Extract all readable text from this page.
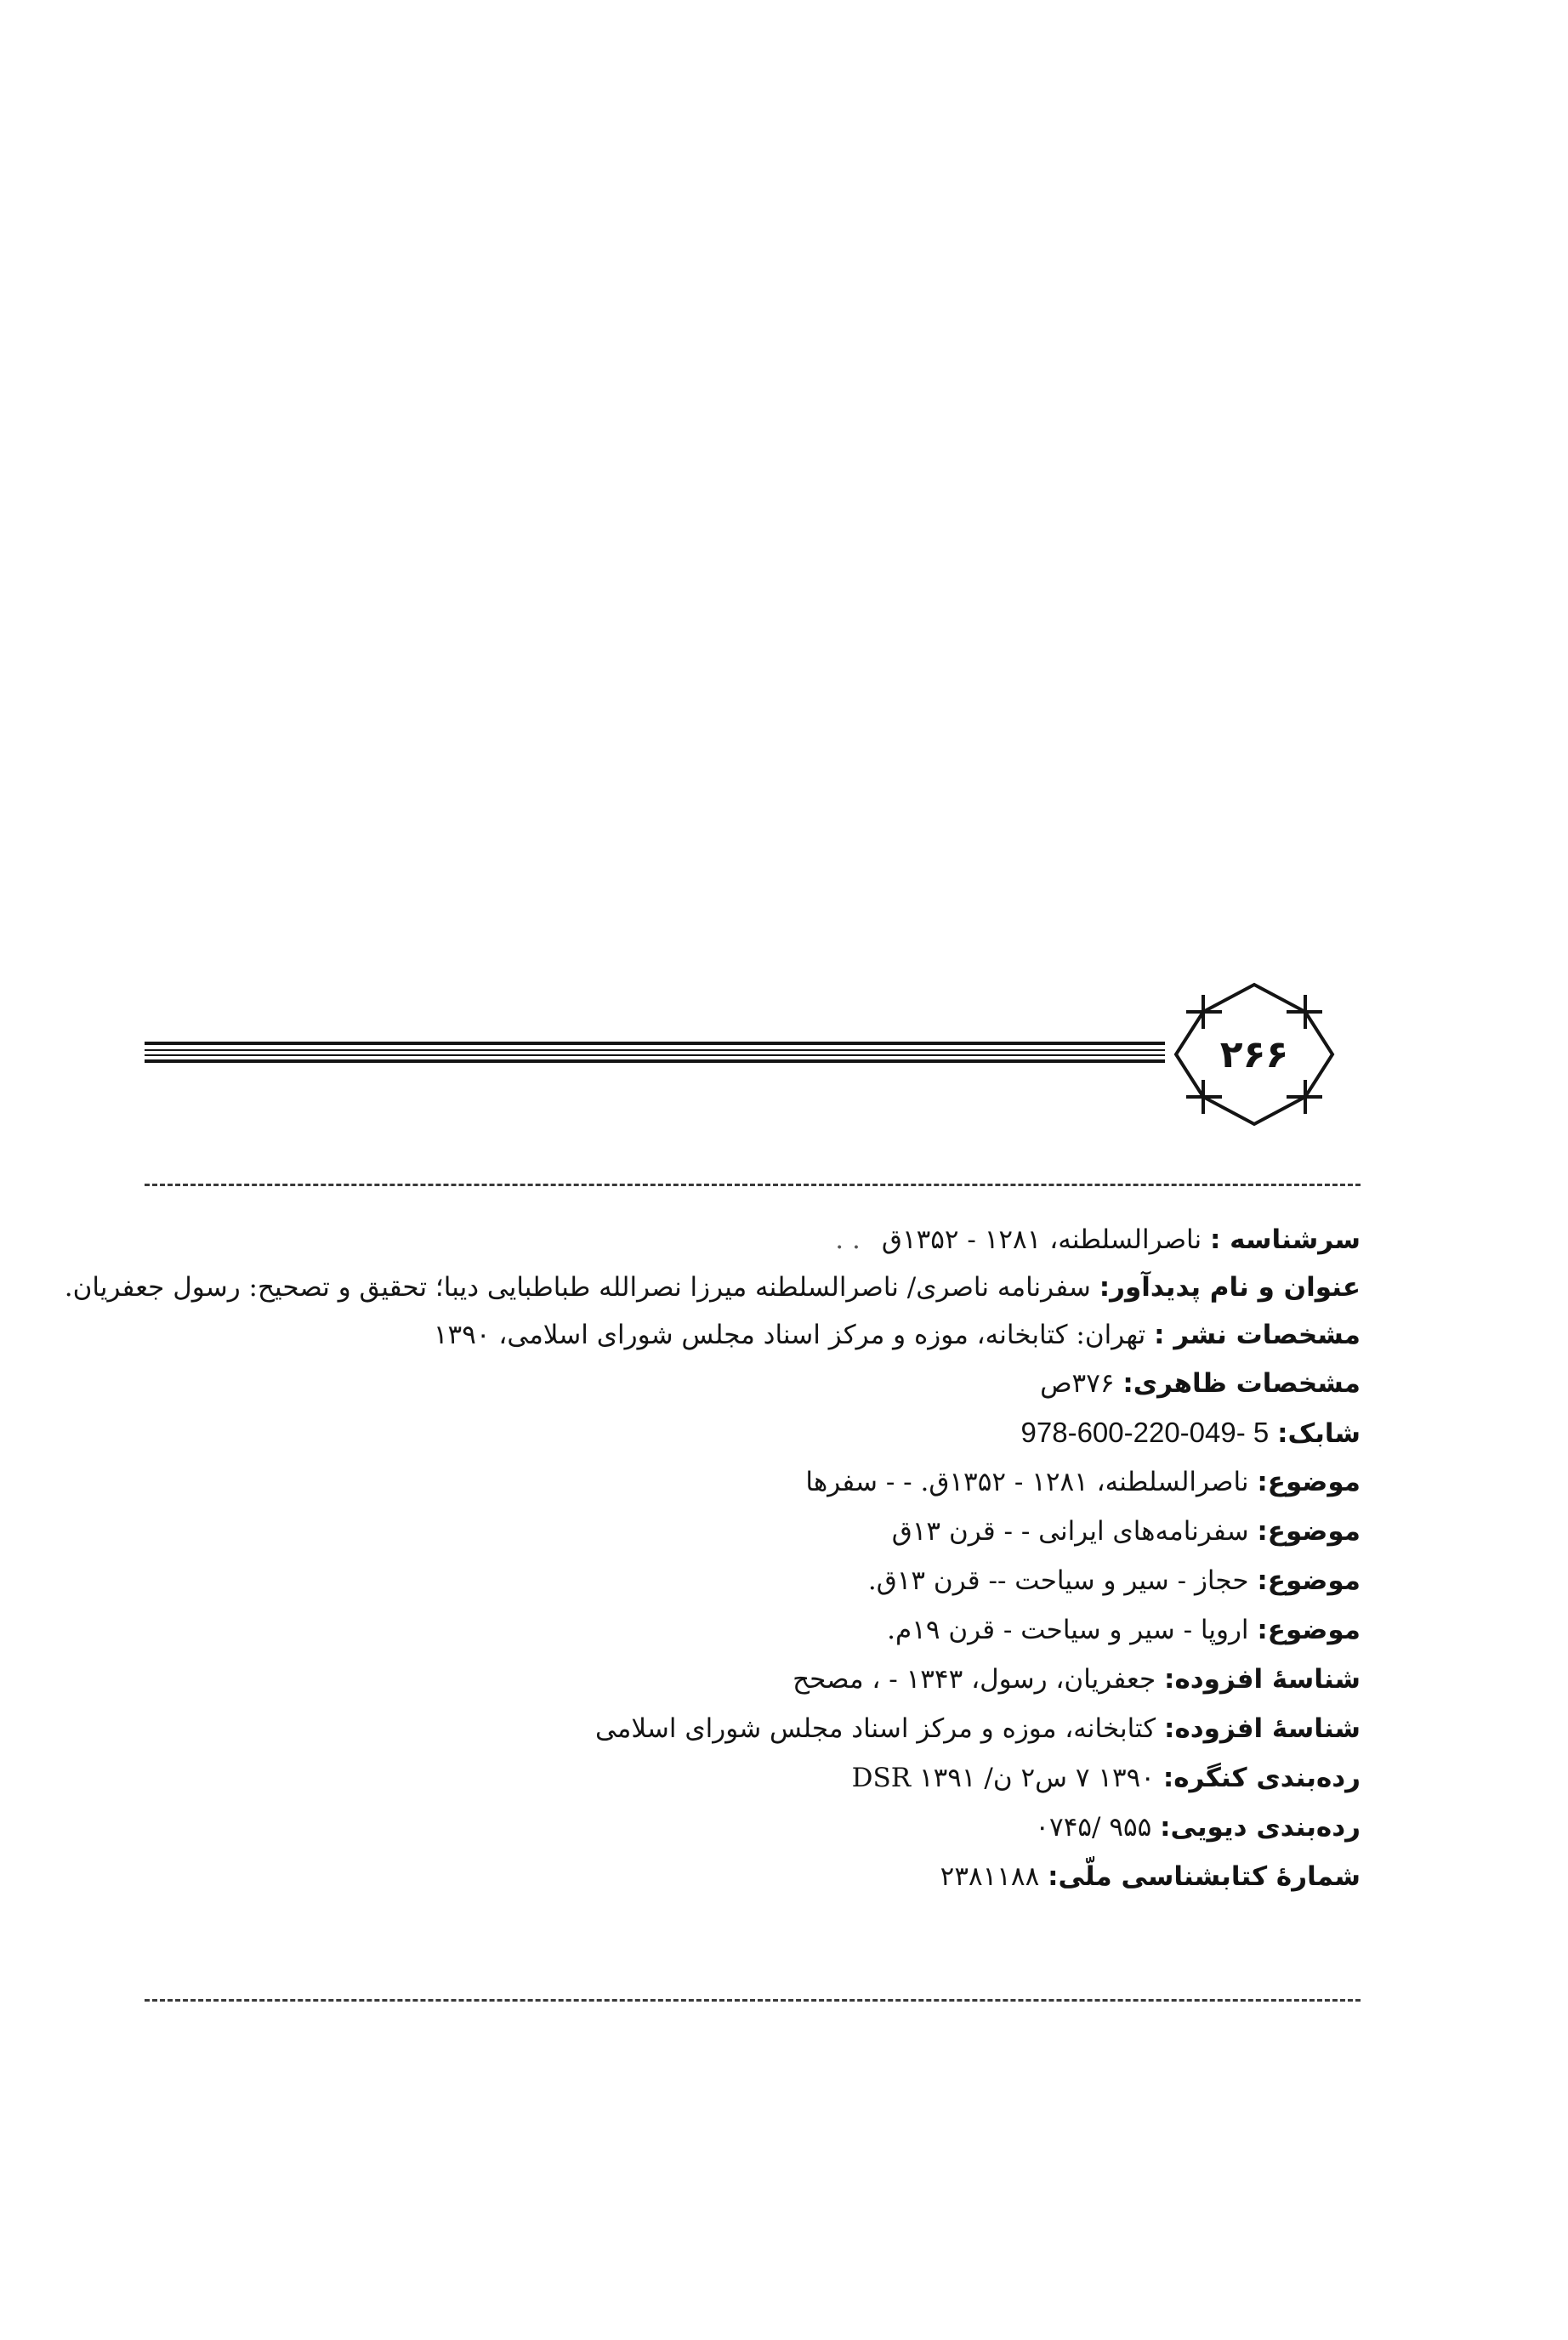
۲۶۶
سرشناسه : ناصرالسلطنه، ۱۲۸۱ - ۱۳۵۲ق . .
عنوان و نام پدیدآور: سفرنامه ناصری/ ناصرالسلطنه میرزا نصرالله طباطبایی دیبا؛ تحقیق و تصحیح: رسول جعفریان.
مشخصات نشر : تهران: کتابخانه، موزه و مرکز اسناد مجلس شورای اسلامی، ۱۳۹۰
مشخصات ظاهری: ۳۷۶ص
شابک: 978-600-220-049- 5
موضوع: ناصرالسلطنه، ۱۲۸۱ - ۱۳۵۲ق. - - سفرها
موضوع: سفرنامه‌های ایرانی - - قرن ۱۳ق
موضوع: حجاز - سیر و سیاحت -- قرن ۱۳ق.
موضوع: اروپا - سیر و سیاحت - قرن ۱۹م.
شناسهٔ افزوده: جعفریان، رسول، ۱۳۴۳ - ، مصحح
شناسهٔ افزوده: کتابخانه، موزه و مرکز اسناد مجلس شورای اسلامی
رده‌بندی کنگره: ۱۳۹۰ ۷ س۲ ن/ ۱۳۹۱ DSR
رده‌بندی دیویی: ۹۵۵ /۰۷۴۵
شمارهٔ کتابشناسی ملّی: ۲۳۸۱۱۸۸
